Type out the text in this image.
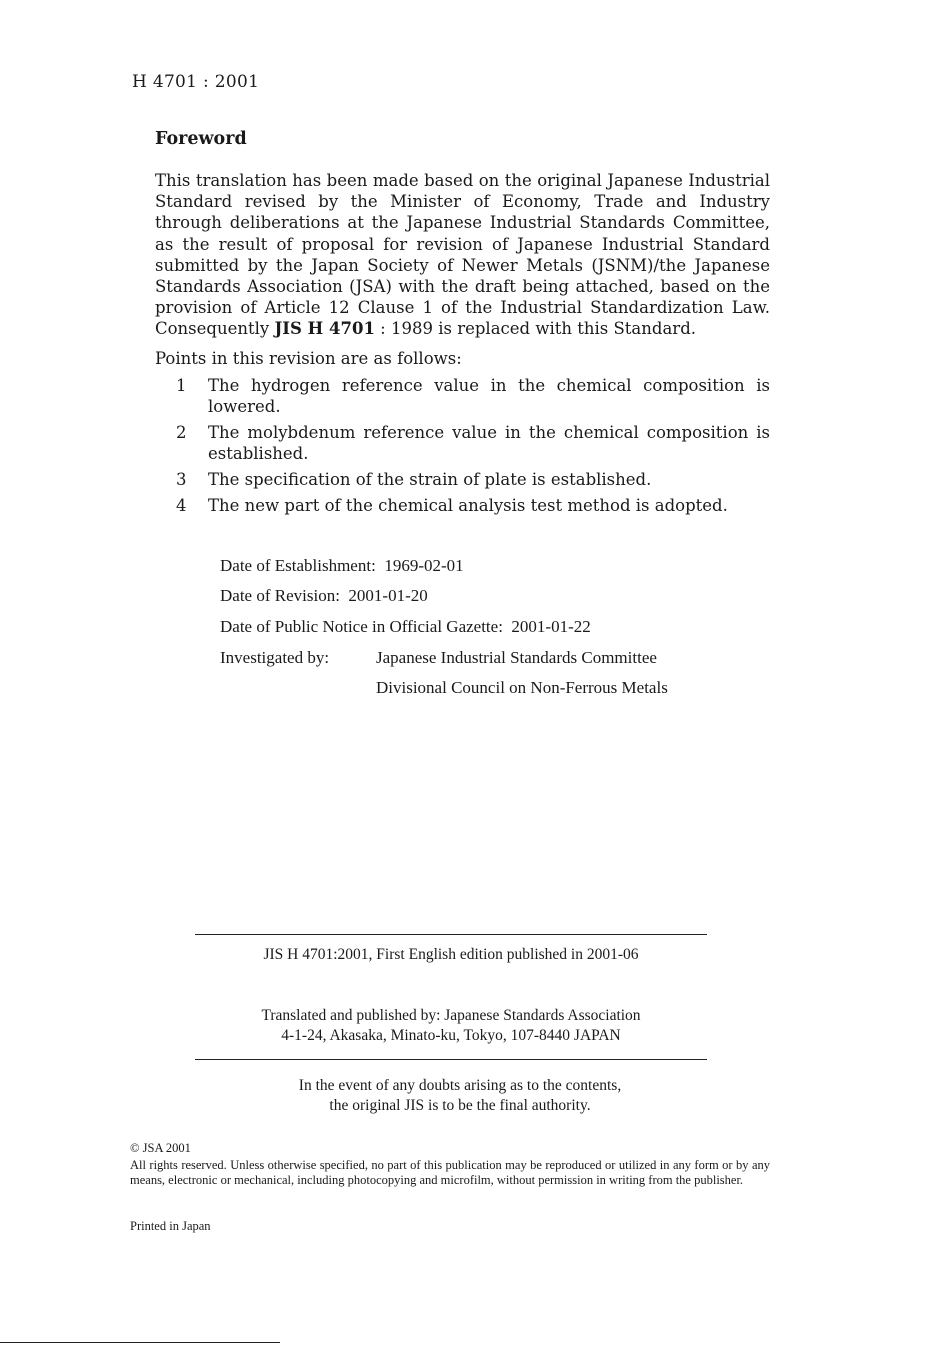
H 4701 : 2001
Foreword
This translation has been made based on the original Japanese Industrial Standard revised by the Minister of Economy, Trade and Industry through deliberations at the Japanese Industrial Standards Committee, as the result of proposal for revision of Japanese Industrial Standard submitted by the Japan Society of Newer Metals (JSNM)/the Japanese Standards Association (JSA) with the draft being attached, based on the provision of Article 12 Clause 1 of the Industrial Standardization Law. Consequently JIS H 4701 : 1989 is replaced with this Standard.
Points in this revision are as follows:
1 The hydrogen reference value in the chemical composition is lowered.
2 The molybdenum reference value in the chemical composition is established.
3 The specification of the strain of plate is established.
4 The new part of the chemical analysis test method is adopted.
Date of Establishment: 1969-02-01
Date of Revision: 2001-01-20
Date of Public Notice in Official Gazette: 2001-01-22
Investigated by:	Japanese Industrial Standards Committee
Divisional Council on Non-Ferrous Metals
JIS H 4701:2001, First English edition published in 2001-06
Translated and published by: Japanese Standards Association
4-1-24, Akasaka, Minato-ku, Tokyo, 107-8440 JAPAN
In the event of any doubts arising as to the contents,
the original JIS is to be the final authority.
© JSA 2001
All rights reserved. Unless otherwise specified, no part of this publication may be reproduced or utilized in any form or by any means, electronic or mechanical, including photocopying and microfilm, without permission in writing from the publisher.
Printed in Japan
